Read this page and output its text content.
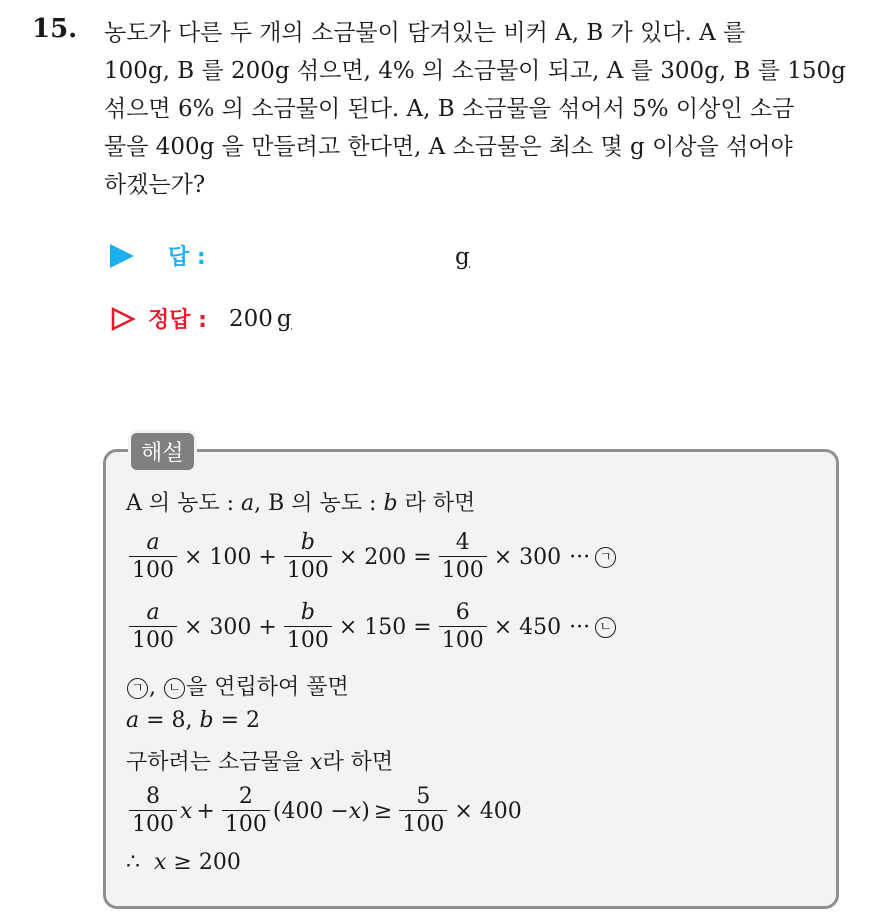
15. 농도가 다른 두 개의 소금물이 담겨있는 비커 A, B 가 있다. A 를
100g, B 를 200g 섞으면, 4% 의 소금물이 되고, A 를 300g, B 를 150g
섞으면 6% 의 소금물이 된다. A, B 소금물을 섞어서 5% 이상인 소금
물을 400g 을 만들려고 한다면, A 소금물은 최소 몇 g 이상을 섞어야
하겠는가?
답 :	g
정답 : 200 g
해설
A 의 농도 : a, B 의 농도 : b 라 하면
$\frac{a}{100} \times 100 + \frac{b}{100} \times 200 = \frac{4}{100} \times 300$ ··· ㄱ
$\frac{a}{100} \times 300 + \frac{b}{100} \times 150 = \frac{6}{100} \times 450$ ··· ㄴ
ㄱ , ㄴ 을 연립하여 풀면
a = 8, b = 2
구하려는 소금물을 x라 하면
$\frac{8}{100}$ $x + \frac{2}{100} (400 - x$ ) ≥ $\frac{5}{100} \times 400$
∴ x ≥ 200
